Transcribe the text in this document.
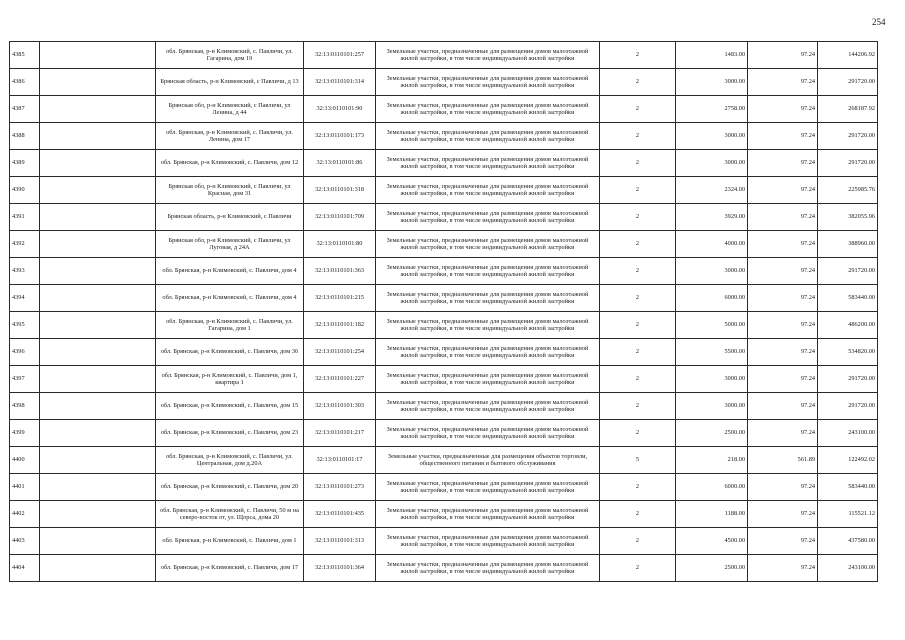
254
4385		обл. Брянская, р-н Климовский, с. Павличи, ул. Гагарина, дом 19	32:13:0110101:257	Земельные участки, предназначенные для размещения домов малоэтажной жилой застройки, в том числе индивидуальной жилой застройки	2	1483.00	97.24	144206.92
4386		Брянская область, р-н Климовский, с Павличи, д 13	32:13:0110101:314	Земельные участки, предназначенные для размещения домов малоэтажной жилой застройки, в том числе индивидуальной жилой застройки	2	3000.00	97.24	291720.00
4387		Брянская обл, р-н Климовский, с Павличи, ул Ленина, д 44	32:13:0110101:90	Земельные участки, предназначенные для размещения домов малоэтажной жилой застройки, в том числе индивидуальной жилой застройки	2	2758.00	97.24	268187.92
4388		обл. Брянская, р-н Климовский, с. Павличи, ул. Ленина, дом 17	32:13:0110101:173	Земельные участки, предназначенные для размещения домов малоэтажной жилой застройки, в том числе индивидуальной жилой застройки	2	3000.00	97.24	291720.00
4389		обл. Брянская, р-н Климовский, с. Павличи, дом 12	32:13:0110101:86	Земельные участки, предназначенные для размещения домов малоэтажной жилой застройки, в том числе индивидуальной жилой застройки	2	3000.00	97.24	291720.00
4390		Брянская обл, р-н Климовский, с Павличи, ул Красная, дом 31	32:13:0110101:318	Земельные участки, предназначенные для размещения домов малоэтажной жилой застройки, в том числе индивидуальной жилой застройки	2	2324.00	97.24	225985.76
4391		Брянская область, р-н Климовский, с Павличи	32:13:0110101:709	Земельные участки, предназначенные для размещения домов малоэтажной жилой застройки, в том числе индивидуальной жилой застройки	2	3929.00	97.24	382055.96
4392		Брянская обл, р-н Климовский, с Павличи, ул Луговая, д 24А	32:13:0110101:80	Земельные участки, предназначенные для размещения домов малоэтажной жилой застройки, в том числе индивидуальной жилой застройки	2	4000.00	97.24	388960.00
4393		обл. Брянская, р-н Климовский, с. Павличи, дом 4	32:13:0110101:363	Земельные участки, предназначенные для размещения домов малоэтажной жилой застройки, в том числе индивидуальной жилой застройки	2	3000.00	97.24	291720.00
4394		обл. Брянская, р-н Климовский, с. Павличи, дом 4	32:13:0110101:215	Земельные участки, предназначенные для размещения домов малоэтажной жилой застройки, в том числе индивидуальной жилой застройки	2	6000.00	97.24	583440.00
4395		обл. Брянская, р-н Климовский, с. Павличи, ул. Гагарина, дом 1	32:13:0110101:182	Земельные участки, предназначенные для размещения домов малоэтажной жилой застройки, в том числе индивидуальной жилой застройки	2	5000.00	97.24	486200.00
4396		обл. Брянская, р-н Климовский, с. Павличи, дом 36	32:13:0110101:254	Земельные участки, предназначенные для размещения домов малоэтажной жилой застройки, в том числе индивидуальной жилой застройки	2	5500.00	97.24	534820.00
4397		обл. Брянская, р-н Климовский, с. Павличи, дом 1, квартира 1	32:13:0110101:227	Земельные участки, предназначенные для размещения домов малоэтажной жилой застройки, в том числе индивидуальной жилой застройки	2	3000.00	97.24	291720.00
4398		обл. Брянская, р-н Климовский, с. Павличи, дом 15	32:13:0110101:303	Земельные участки, предназначенные для размещения домов малоэтажной жилой застройки, в том числе индивидуальной жилой застройки	2	3000.00	97.24	291720.00
4399		обл. Брянская, р-н Климовский, с. Павличи, дом 23	32:13:0110101:217	Земельные участки, предназначенные для размещения домов малоэтажной жилой застройки, в том числе индивидуальной жилой застройки	2	2500.00	97.24	243100.00
4400		обл. Брянская, р-н Климовский, с. Павличи, ул. Центральная, дом д.20А	32:13:0110101:17	Земельные участки, предназначенные для размещения объектов торговли, общественного питания и бытового обслуживания	5	218.00	561.89	122492.02
4401		обл. Брянская, р-н Климовский, с. Павличи, дом 20	32:13:0110101:273	Земельные участки, предназначенные для размещения домов малоэтажной жилой застройки, в том числе индивидуальной жилой застройки	2	6000.00	97.24	583440.00
4402		обл. Брянская, р-н Климовский, с. Павличи, 50 м на северо-восток от, ул. Щорса, дома 20	32:13:0110101:435	Земельные участки, предназначенные для размещения домов малоэтажной жилой застройки, в том числе индивидуальной жилой застройки	2	1188.00	97.24	115521.12
4403		обл. Брянская, р-н Климовский, с. Павличи, дом 1	32:13:0110101:313	Земельные участки, предназначенные для размещения домов малоэтажной жилой застройки, в том числе индивидуальной жилой застройки	2	4500.00	97.24	437580.00
4404		обл. Брянская, р-н Климовский, с. Павличи, дом 17	32:13:0110101:364	Земельные участки, предназначенные для размещения домов малоэтажной жилой застройки, в том числе индивидуальной жилой застройки	2	2500.00	97.24	243100.00
